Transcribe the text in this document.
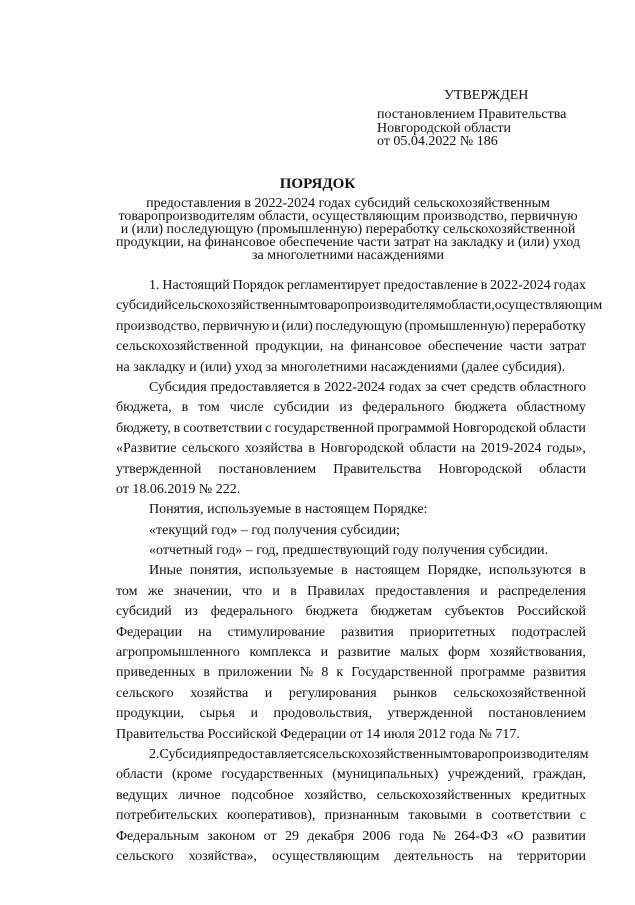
УТВЕРЖДЕН
постановлением Правительства
Новгородской области
от 05.04.2022 № 186
ПОРЯДОК
предоставления в 2022-2024 годах субсидий сельскохозяйственным
товаропроизводителям области, осуществляющим производство, первичную
и (или) последующую (промышленную) переработку сельскохозяйственной
продукции, на финансовое обеспечение части затрат на закладку и (или) уход
за многолетними насаждениями
1. Настоящий Порядок регламентирует предоставление в 2022-2024 годах
субсидий сельскохозяйственным товаропроизводителям области, осуществляющим
производство, первичную и (или) последующую (промышленную) переработку
сельскохозяйственной продукции, на финансовое обеспечение части затрат
на закладку и (или) уход за многолетними насаждениями (далее субсидия).
Субсидия предоставляется в 2022-2024 годах за счет средств областного
бюджета, в том числе субсидии из федерального бюджета областному
бюджету, в соответствии с государственной программой Новгородской области
«Развитие сельского хозяйства в Новгородской области на 2019-2024 годы»,
утвержденной постановлением Правительства Новгородской области
от 18.06.2019 № 222.
Понятия, используемые в настоящем Порядке:
«текущий год» – год получения субсидии;
«отчетный год» – год, предшествующий году получения субсидии.
Иные понятия, используемые в настоящем Порядке, используются в
том же значении, что и в Правилах предоставления и распределения
субсидий из федерального бюджета бюджетам субъектов Российской
Федерации на стимулирование развития приоритетных подотраслей
агропромышленного комплекса и развитие малых форм хозяйствования,
приведенных в приложении № 8 к Государственной программе развития
сельского хозяйства и регулирования рынков сельскохозяйственной
продукции, сырья и продовольствия, утвержденной постановлением
Правительства Российской Федерации от 14 июля 2012 года № 717.
2. Субсидия предоставляется сельскохозяйственным товаропроизводителям
области (кроме государственных (муниципальных) учреждений, граждан,
ведущих личное подсобное хозяйство, сельскохозяйственных кредитных
потребительских кооперативов), признанным таковыми в соответствии с
Федеральным законом от 29 декабря 2006 года № 264-ФЗ «О развитии
сельского хозяйства», осуществляющим деятельность на территории
